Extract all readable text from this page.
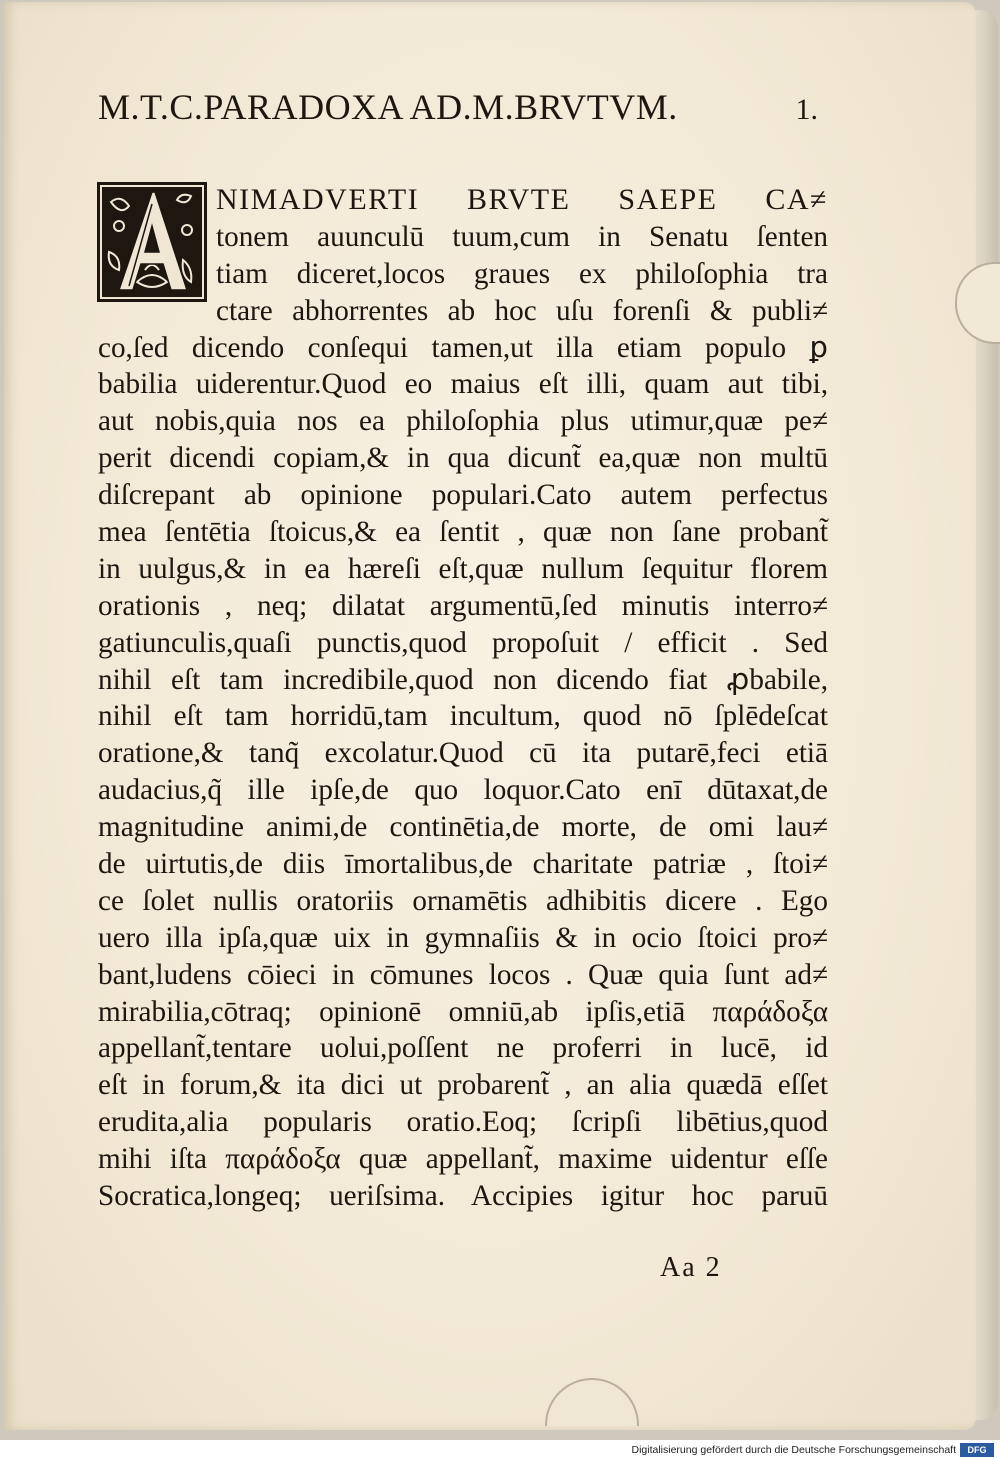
M.T.C.PARADOXA AD.M.BRVTVM.	1.
NIMADVERTI BRVTE SAEPE CA≠
tonem auunculū tuum,cum in Senatu ſenten
tiam diceret,locos graues ex philoſophia tra
ctare abhorrentes ab hoc uſu forenſi & publi≠
co,ſed dicendo conſequi tamen,ut illa etiam populo ꝑ
babilia uiderentur.Quod eo maius eſt illi, quam aut tibi,
aut nobis,quia nos ea philoſophia plus utimur,quæ pe≠
perit dicendi copiam,& in qua dicunt̃ ea,quæ non multū
diſcrepant ab opinione populari.Cato autem perfectus
mea ſentētia ſtoicus,& ea ſentit , quæ non ſane probant̃
in uulgus,& in ea hæreſi eſt,quæ nullum ſequitur florem
orationis , neq; dilatat argumentū,ſed minutis interro≠
gatiunculis,quaſi punctis,quod propoſuit / efficit . Sed
nihil eſt tam incredibile,quod non dicendo fiat ꝓbabile,
nihil eſt tam horridū,tam incultum, quod nō ſplēdeſcat
oratione,& tanq̃ excolatur.Quod cū ita putarē,feci etiā
audacius,q̃ ille ipſe,de quo loquor.Cato enī dūtaxat,de
magnitudine animi,de continētia,de morte, de omi lau≠
de uirtutis,de diis īmortalibus,de charitate patriæ , ſtoi≠
ce ſolet nullis oratoriis ornamētis adhibitis dicere . Ego
uero illa ipſa,quæ uix in gymnaſiis & in ocio ſtoici pro≠
bant,ludens cōieci in cōmunes locos . Quæ quia ſunt ad≠
mirabilia,cōtraq; opinionē omniū,ab ipſis,etiā παράδοξα
appellant̃,tentare uolui,poſſent ne proferri in lucē, id
eſt in forum,& ita dici ut probarent̃ , an alia quædā eſſet
erudita,alia popularis oratio.Eoq; ſcripſi libētius,quod
mihi iſta παράδοξα quæ appellant̃, maxime uidentur eſſe
Socratica,longeq; ueriſsima. Accipies igitur hoc paruū
Aa 2
Digitalisierung gefördert durch die Deutsche Forschungsgemeinschaft	DFG
